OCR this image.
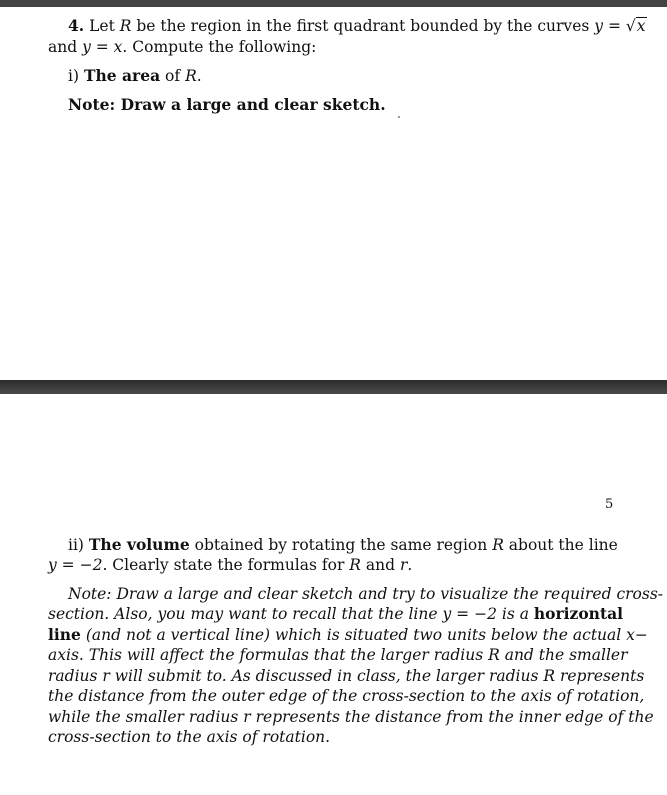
4. Let R be the region in the first quadrant bounded by the curves y = √x
and y = x. Compute the following:
i) The area of R.
Note: Draw a large and clear sketch.
5
ii) The volume obtained by rotating the same region R about the line
y = −2. Clearly state the formulas for R and r.
Note: Draw a large and clear sketch and try to visualize the required cross-
section. Also, you may want to recall that the line y = −2 is a horizontal
line (and not a vertical line) which is situated two units below the actual x−
axis. This will affect the formulas that the larger radius R and the smaller
radius r will submit to. As discussed in class, the larger radius R represents
the distance from the outer edge of the cross-section to the axis of rotation,
while the smaller radius r represents the distance from the inner edge of the
cross-section to the axis of rotation.
